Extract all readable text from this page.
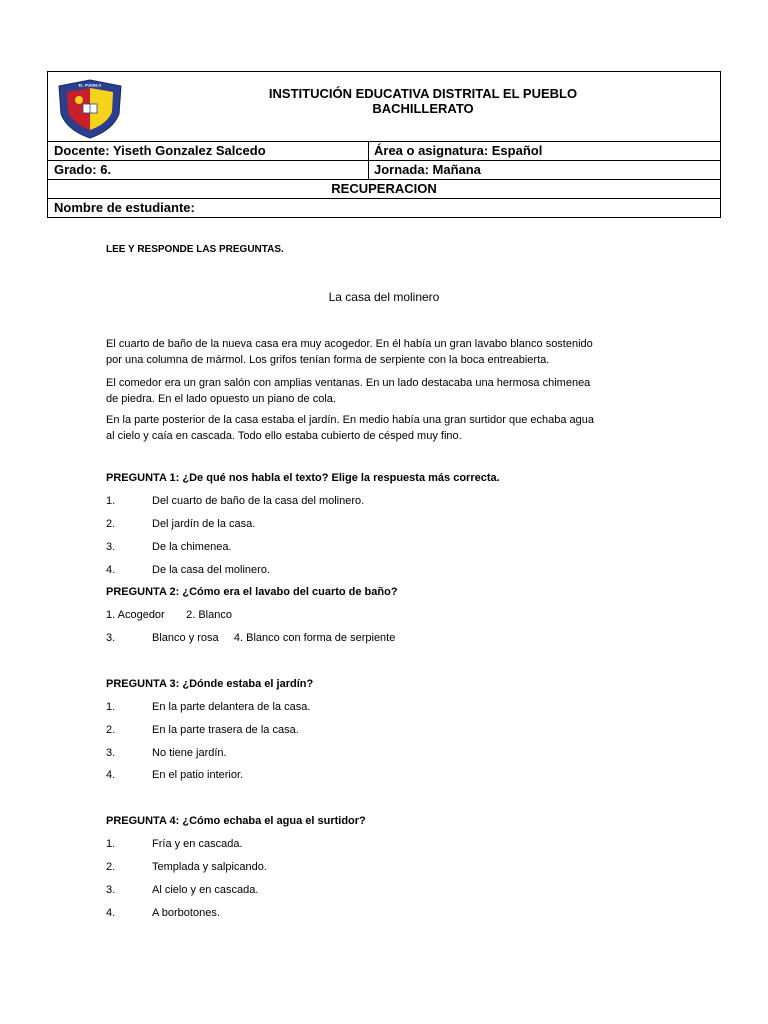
EL PUEBLO
INSTITUCIÓN EDUCATIVA DISTRITAL EL PUEBLO
BACHILLERATO
Docente: Yiseth Gonzalez Salcedo	Área o asignatura: Español
Grado: 6.	Jornada: Mañana
RECUPERACION
Nombre de estudiante:
LEE Y RESPONDE LAS PREGUNTAS.
La casa del molinero
El cuarto de baño de la nueva casa era muy acogedor. En él había un gran lavabo blanco sostenido
por una columna de mármol. Los grifos tenían forma de serpiente con la boca entreabierta.
El comedor era un gran salón con amplias ventanas. En un lado destacaba una hermosa chimenea
de piedra. En el lado opuesto un piano de cola.
En la parte posterior de la casa estaba el jardín. En medio había una gran surtidor que echaba agua
al cielo y caía en cascada. Todo ello estaba cubierto de césped muy fino.
PREGUNTA 1: ¿De qué nos habla el texto? Elige la respuesta más correcta.
1.	Del cuarto de baño de la casa del molinero.
2.	Del jardín de la casa.
3.	De la chimenea.
4.	De la casa del molinero.
PREGUNTA 2: ¿Cómo era el lavabo del cuarto de baño?
1. Acogedor       2. Blanco
3.	Blanco y rosa     4. Blanco con forma de serpiente
PREGUNTA 3: ¿Dónde estaba el jardín?
1.	En la parte delantera de la casa.
2.	En la parte trasera de la casa.
3.	No tiene jardín.
4.	En el patio interior.
PREGUNTA 4: ¿Cómo echaba el agua el surtidor?
1.	Fría y en cascada.
2.	Templada y salpicando.
3.	Al cielo y en cascada.
4.	A borbotones.
